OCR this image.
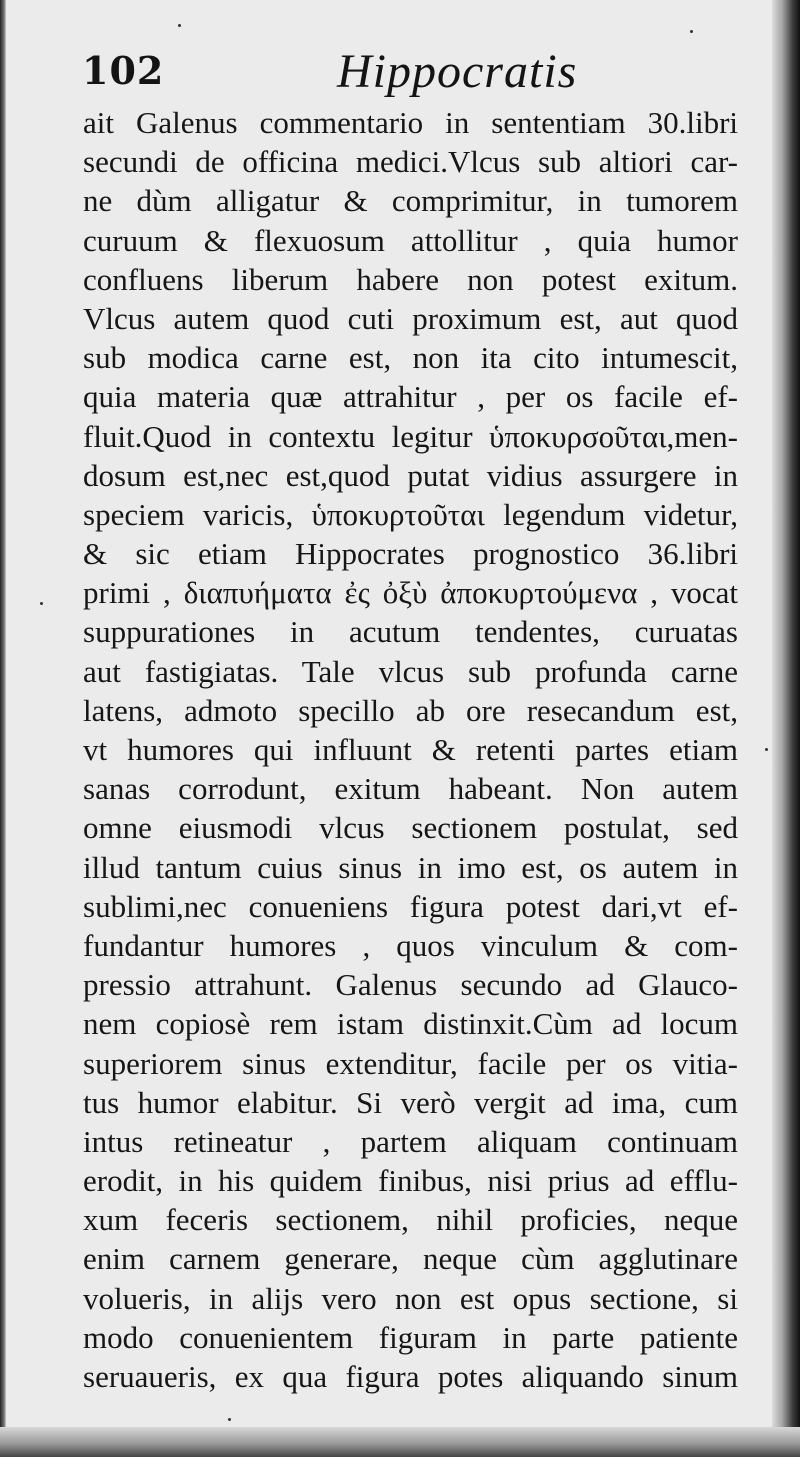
102	Hippocratis
ait Galenus commentario in sententiam 30.libri
secundi de officina medici.Vlcus sub altiori car-
ne dùm alligatur & comprimitur, in tumorem
curuum & flexuosum attollitur , quia humor
confluens liberum habere non potest exitum.
Vlcus autem quod cuti proximum est, aut quod
sub modica carne est, non ita cito intumescit,
quia materia quæ attrahitur , per os facile ef-
fluit.Quod in contextu legitur ὑποκυρσοῦται,men-
dosum est,nec est,quod putat vidius assurgere in
speciem varicis, ὑποκυρτοῦται legendum videtur,
& sic etiam Hippocrates prognostico 36.libri
primi , διαπυήματα ἐς ὀξὺ ἀποκυρτούμενα , vocat
suppurationes in acutum tendentes, curuatas
aut fastigiatas. Tale vlcus sub profunda carne
latens, admoto specillo ab ore resecandum est,
vt humores qui influunt & retenti partes etiam
sanas corrodunt, exitum habeant. Non autem
omne eiusmodi vlcus sectionem postulat, sed
illud tantum cuius sinus in imo est, os autem in
sublimi,nec conueniens figura potest dari,vt ef-
fundantur humores , quos vinculum & com-
pressio attrahunt. Galenus secundo ad Glauco-
nem copiosè rem istam distinxit.Cùm ad locum
superiorem sinus extenditur, facile per os vitia-
tus humor elabitur. Si verò vergit ad ima, cum
intus retineatur , partem aliquam continuam
erodit, in his quidem finibus, nisi prius ad efflu-
xum feceris sectionem, nihil proficies, neque
enim carnem generare, neque cùm agglutinare
volueris, in alijs vero non est opus sectione, si
modo conuenientem figuram in parte patiente
seruaueris, ex qua figura potes aliquando sinum
